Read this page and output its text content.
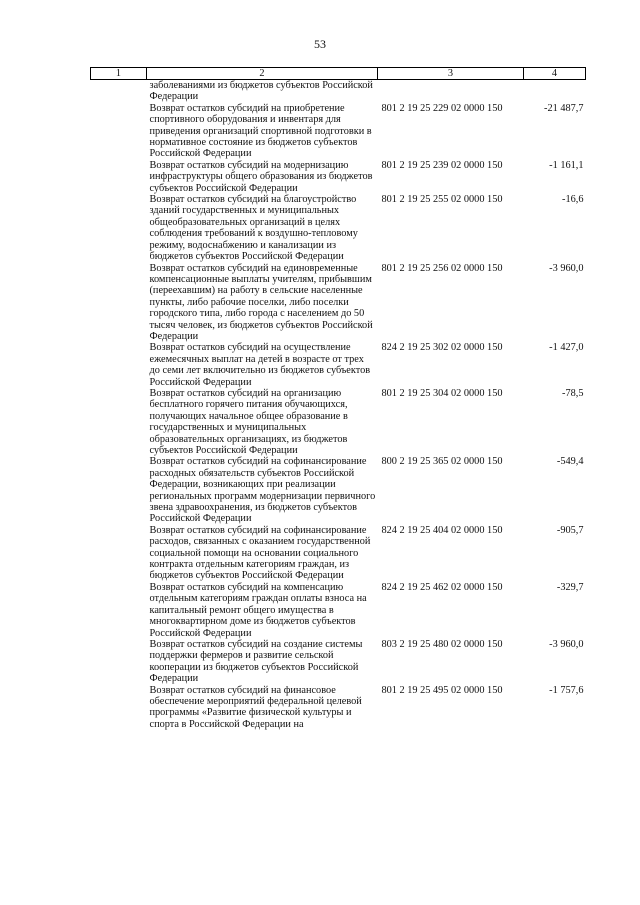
53
1	2	3	4
	заболеваниями из бюджетов субъектов Российской Федерации		
	Возврат остатков субсидий на приобретение спортивного оборудования и инвентаря для приведения организаций спортивной подготовки в нормативное состояние из бюджетов субъектов Российской Федерации	801 2 19 25 229 02 0000 150	-21 487,7
	Возврат остатков субсидий на модернизацию инфраструктуры общего образования из бюджетов субъектов Российской Федерации	801 2 19 25 239 02 0000 150	-1 161,1
	Возврат остатков субсидий на благоустройство зданий государственных и муниципальных общеобразовательных организаций в целях соблюдения требований к воздушно-тепловому режиму, водоснабжению и канализации из бюджетов субъектов Российской Федерации	801 2 19 25 255 02 0000 150	-16,6
	Возврат остатков субсидий на единовременные компенсационные выплаты учителям, прибывшим (переехавшим) на работу в сельские населенные пункты, либо рабочие поселки, либо поселки городского типа, либо города с населением до 50 тысяч человек, из бюджетов субъектов Российской Федерации	801 2 19 25 256 02 0000 150	-3 960,0
	Возврат остатков субсидий на осуществление ежемесячных выплат на детей в возрасте от трех до семи лет включительно из бюджетов субъектов Российской Федерации	824 2 19 25 302 02 0000 150	-1 427,0
	Возврат остатков субсидий на организацию бесплатного горячего питания обучающихся, получающих начальное общее образование в государственных и муниципальных образовательных организациях, из бюджетов субъектов Российской Федерации	801 2 19 25 304 02 0000 150	-78,5
	Возврат остатков субсидий на софинансирование расходных обязательств субъектов Российской Федерации, возникающих при реализации региональных программ модернизации первичного звена здравоохранения, из бюджетов субъектов Российской Федерации	800 2 19 25 365 02 0000 150	-549,4
	Возврат остатков субсидий на софинансирование расходов, связанных с оказанием государственной социальной помощи на основании социального контракта отдельным категориям граждан, из бюджетов субъектов Российской Федерации	824 2 19 25 404 02 0000 150	-905,7
	Возврат остатков субсидий на компенсацию отдельным категориям граждан оплаты взноса на капитальный ремонт общего имущества в многоквартирном доме из бюджетов субъектов Российской Федерации	824 2 19 25 462 02 0000 150	-329,7
	Возврат остатков субсидий на создание системы поддержки фермеров и развитие сельской кооперации из бюджетов субъектов Российской Федерации	803 2 19 25 480 02 0000 150	-3 960,0
	Возврат остатков субсидий на финансовое обеспечение мероприятий федеральной целевой программы «Развитие физической культуры и спорта в Российской Федерации на	801 2 19 25 495 02 0000 150	-1 757,6
